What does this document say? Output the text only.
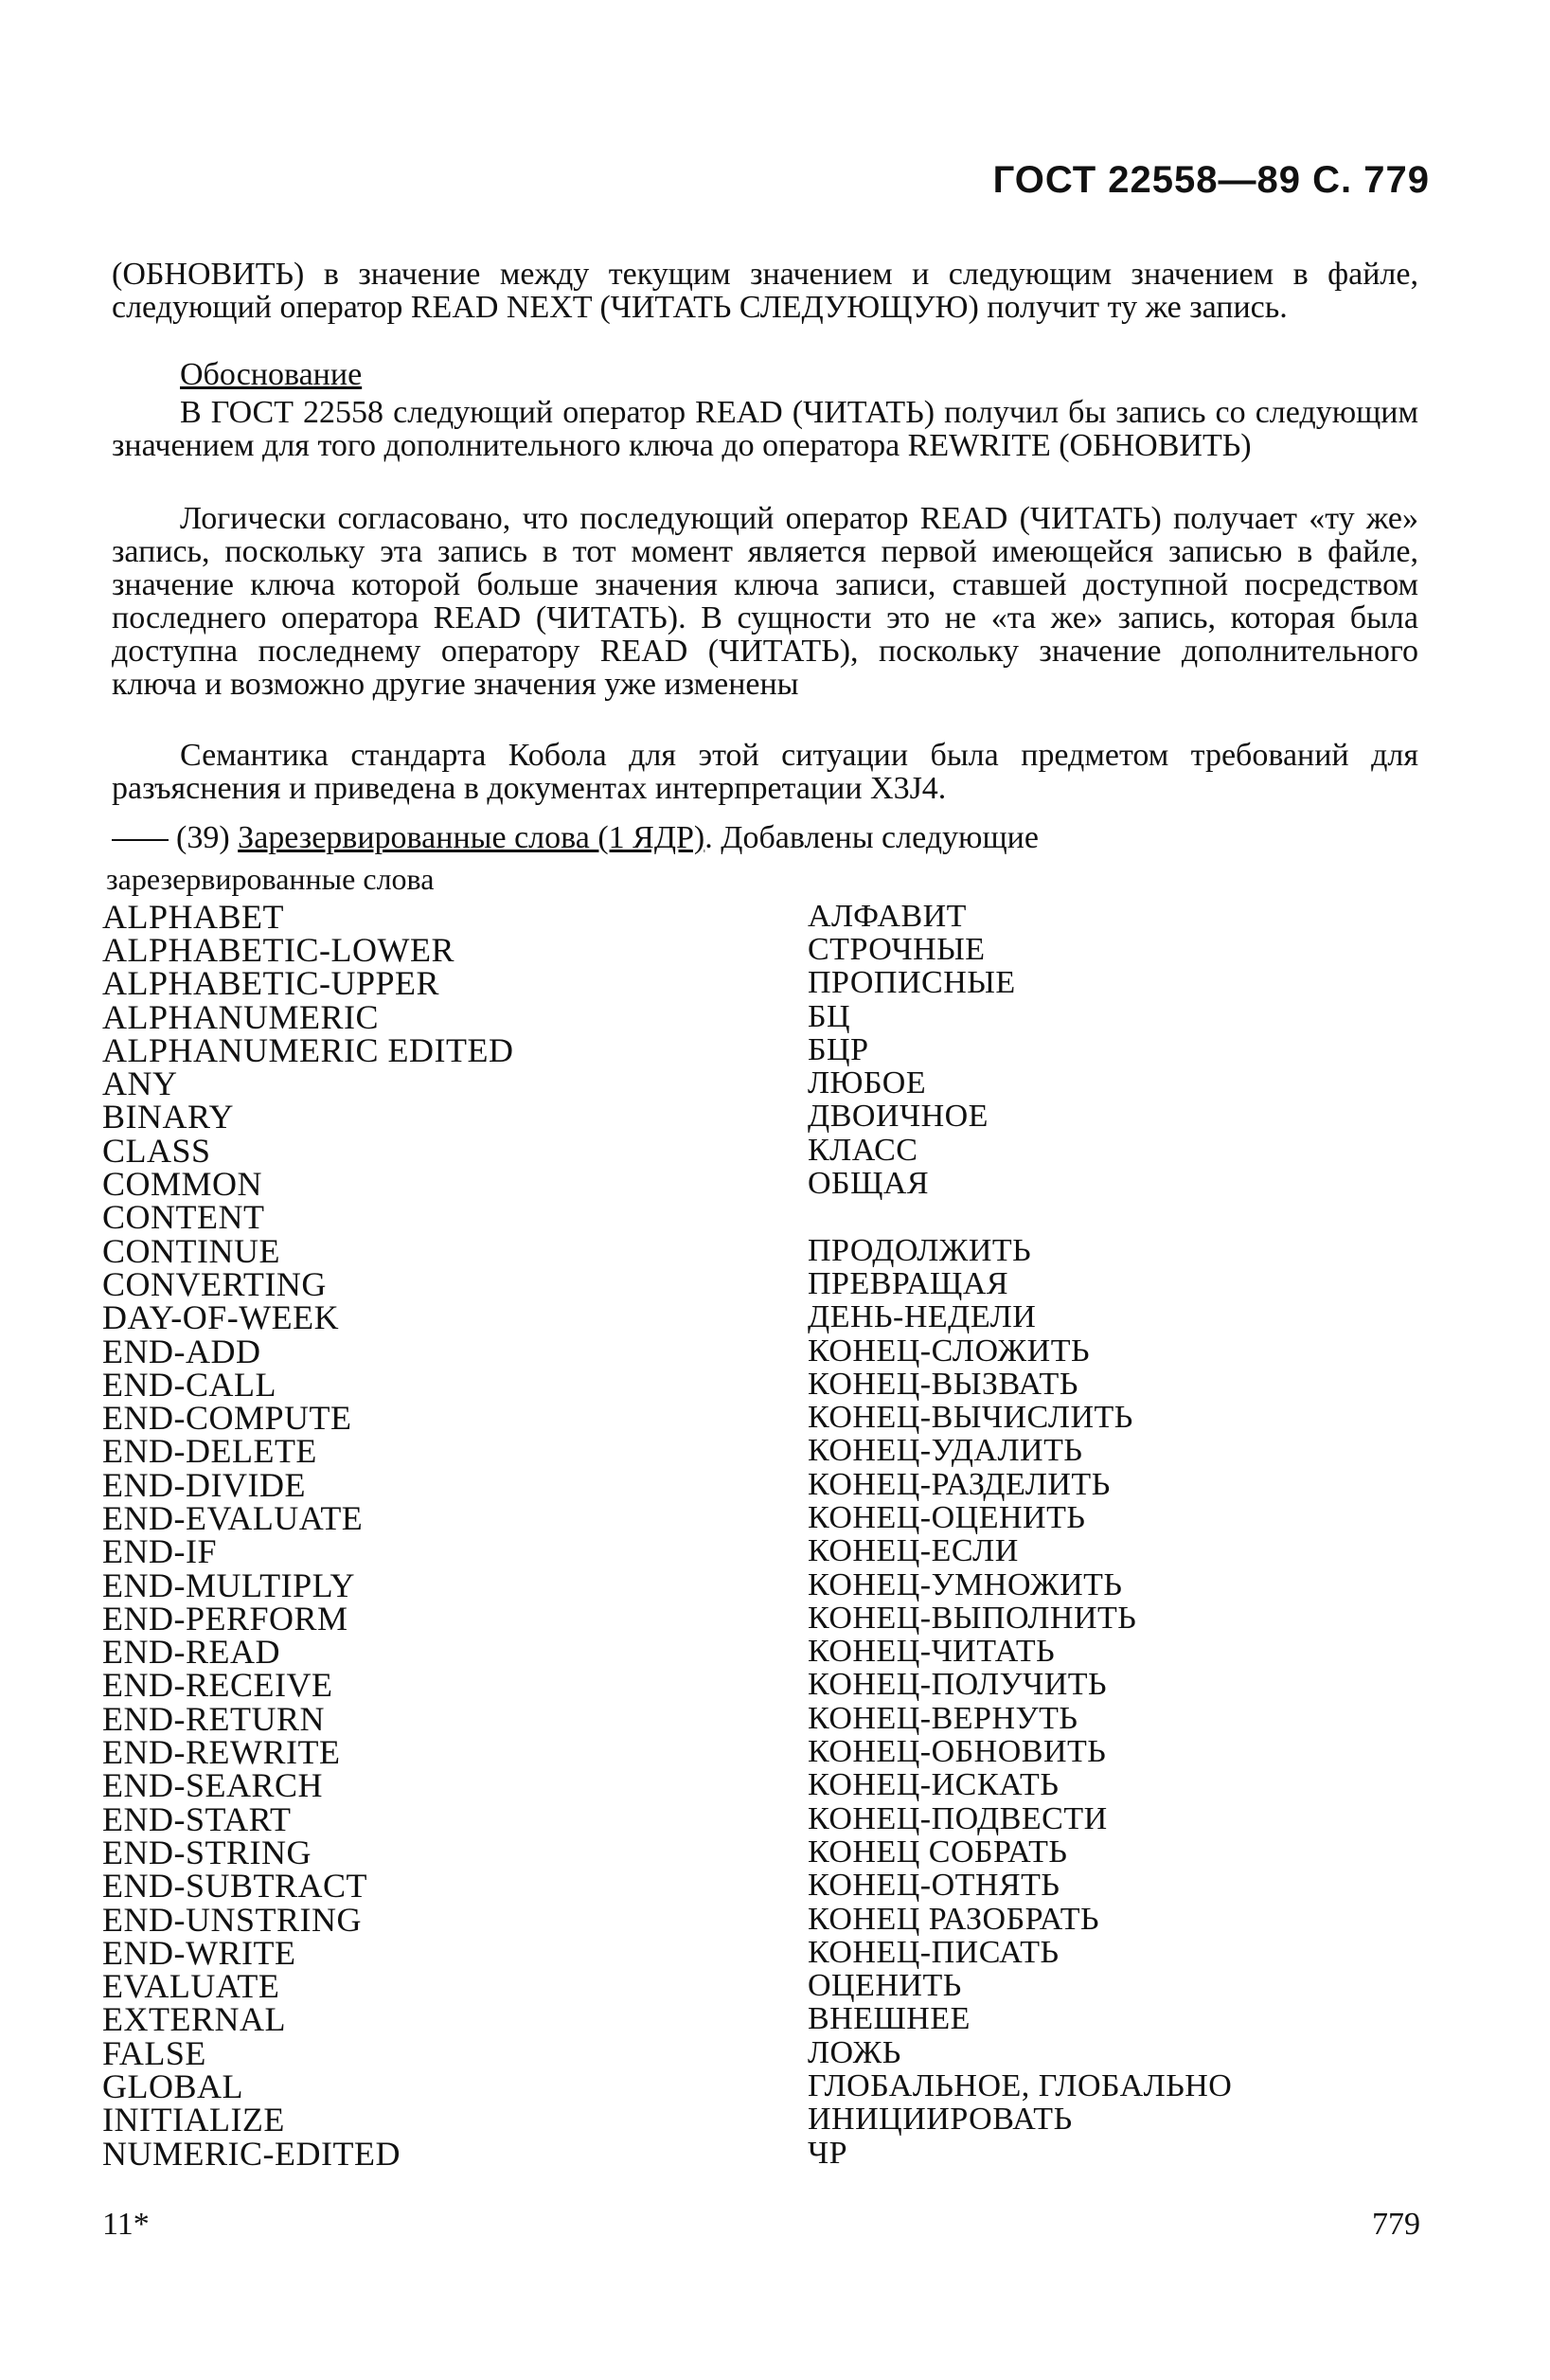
ГОСТ 22558—89 С. 779

(ОБНОВИТЬ) в значение между текущим значением и следующим значением в файле, следующий оператор READ NEXT (ЧИТАТЬ СЛЕДУЮЩУЮ) получит ту же запись.

Обоснование

В ГОСТ 22558 следующий оператор READ (ЧИТАТЬ) получил бы запись со следующим значением для того дополнительного ключа до оператора REWRITE (ОБНОВИТЬ)

Логически согласовано, что последующий оператор READ (ЧИТАТЬ) получает «ту же» запись, поскольку эта запись в тот момент является первой имеющейся записью в файле, значение ключа которой больше значения ключа записи, ставшей доступной посредством последнего оператора READ (ЧИТАТЬ). В сущности это не «та же» запись, которая была доступна последнему оператору READ (ЧИТАТЬ), поскольку значение дополнительного ключа и возможно другие значения уже изменены

Семантика стандарта Кобола для этой ситуации была предметом требований для разъяснения и приведена в документах интерпретации X3J4.

(39) Зарезервированные слова (1 ЯДР). Добавлены следующие
зарезервированные слова
ALPHABET	АЛФАВИТ
ALPHABETIC-LOWER	СТРОЧНЫЕ
ALPHABETIC-UPPER	ПРОПИСНЫЕ
ALPHANUMERIC	БЦ
ALPHANUMERIC EDITED	БЦР
ANY	ЛЮБОЕ
BINARY	ДВОИЧНОЕ
CLASS	КЛАСС
COMMON	ОБЩАЯ
CONTENT
CONTINUE	ПРОДОЛЖИТЬ
CONVERTING	ПРЕВРАЩАЯ
DAY-OF-WEEK	ДЕНЬ-НЕДЕЛИ
END-ADD	КОНЕЦ-СЛОЖИТЬ
END-CALL	КОНЕЦ-ВЫЗВАТЬ
END-COMPUTE	КОНЕЦ-ВЫЧИСЛИТЬ
END-DELETE	КОНЕЦ-УДАЛИТЬ
END-DIVIDE	КОНЕЦ-РАЗДЕЛИТЬ
END-EVALUATE	КОНЕЦ-ОЦЕНИТЬ
END-IF	КОНЕЦ-ЕСЛИ
END-MULTIPLY	КОНЕЦ-УМНОЖИТЬ
END-PERFORM	КОНЕЦ-ВЫПОЛНИТЬ
END-READ	КОНЕЦ-ЧИТАТЬ
END-RECEIVE	КОНЕЦ-ПОЛУЧИТЬ
END-RETURN	КОНЕЦ-ВЕРНУТЬ
END-REWRITE	КОНЕЦ-ОБНОВИТЬ
END-SEARCH	КОНЕЦ-ИСКАТЬ
END-START	КОНЕЦ-ПОДВЕСТИ
END-STRING	КОНЕЦ СОБРАТЬ
END-SUBTRACT	КОНЕЦ-ОТНЯТЬ
END-UNSTRING	КОНЕЦ РАЗОБРАТЬ
END-WRITE	КОНЕЦ-ПИСАТЬ
EVALUATE	ОЦЕНИТЬ
EXTERNAL	ВНЕШНЕЕ
FALSE	ЛОЖЬ
GLOBAL	ГЛОБАЛЬНОЕ, ГЛОБАЛЬНО
INITIALIZE	ИНИЦИИРОВАТЬ
NUMERIC-EDITED	ЧР
11*	779
